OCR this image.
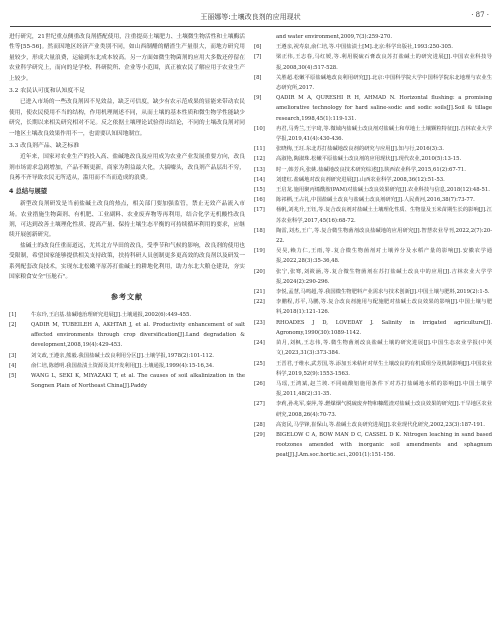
王丽娜等:土壤改良剂的应用现状	· 87 ·

进行研究，21世纪重点侧重改良剂搭配使用，注重提高土壤肥力、土壤微生物活性和土壤酶活性等[55-56]。然而因地区经济产业类别不同，如山西制醋的醋渣生产量很大，而地方研究用量较少，形成大量浪费，运输到东北成本较高。另一方面如微生物菌剂的应用大多数还停留在农业科学研究上，而向的是学校、科研院所、企业等小范围，真正被农民了解应用于农业生产上较少。

3.2 农民认可度和认知度不足

已进入市场的一些改良剂因不见效益，缺乏可信度，缺少有农示范成果的显能来带动农民使用，使农民使用不当的结构，作用机理阐述不同，从而土壤的基本性质和微生物学性能缺少研究，长期以来相关研究相对不足。反之依据土壤理论试验得出结论，不同的土壤改良剂对同一地区土壤改良效果作用不一，也需要认知因地制宜。

3.3 改良剂产品、缺乏标准

近年来，国家对农业生产的投入高、盐碱地改良及应用成为农业产业发展重要方向，改良剂市场需求急剧增加，产品不断更新，商家为利益最大化，大搞噱头，改良剂产品层出不穷，良莠不齐导致农民无所适从，滥用而不当而造成的浪费。

4 总结与展望

新型改良剂研发是当前盐碱土改良的热点，相关部门要加强监管，禁止无效产品流入市场。农业措施生物菌剂、有机肥、工业副料、农业废弃物等再利用，结合化学无机酸性改良剂，可达到改善土壤理化性质、提高产量、保持土壤生态平衡的可持续循环利用的要求，应继续开展创新研究。

盐碱土的改良任重而道远，尤其北方旱田的改良，受季节和气候的影响，改良剂的使用也受限制，希望国家能够提供相关支持政策，扶持科研人员创制更多更高效的改良剂以及研发一系列配套改良技术，实现东北松嫩平原苏打盐碱土的耕地化利用，助力东北大粮仓建设，夯实国家粮食安全"压舱石"。

参考文献
[1]	牛东玲,王启基.盐碱地治理研究进展[J].土壤通报,2002(6):449-455.
[2]	QADIR M, TUBEILEH A, AKHTAR J, et al. Productivity enhancement of salt affected environments through crop diversification[J].Land degradation & development,2008,19(4):429-453.
[3]	刘文政,王遵亲,熊毅.我国盐碱土改良利用分区[J].土壤学报,1978(2):101-112.
[4]	俞仁培,陈德明.我国盐渍土资源及其开发利用[J].土壤通报,1999(4):15-16,34.
[5]	WANG L, SEKI K, MIYAZAKI T, et al. The causes of soil alkalinization in the Songnen Plain of Northeast China[J].Paddy
and water environment,2009,7(3):259-270.
[6]	王遵亲,祝寿泉,俞仁培,等.中国盐渍土[M].北京:科学出版社,1993:250-305.
[7]	梁正伟,王志春,马红媛,等.利用脱硫石膏改良苏打盐碱土的研究进展[J].中国农业科技导报,2008,30(4):517-528.
[8]	关胜超.松嫩平原盐碱地改良利用研究[J].北京:中国科学院大学中国科学院东北地理与农业生态研究所,2017.
[9]	QADIR M A, QURESHI R H, AHMAD N. Horizontal flushing: a promising ameliorative technology for hard saline-sodic and sodic soils[J].Soil & tillage research,1998,45(1):119-131.
[10]	冉君,马秀兰,王宇琦,等.微域内盐碱土改良剂对盐碱土和草地土土壤颗粒特征[J].吉林农业大学学报,2019,41(4):430-436.
[11]	张晓梅,王玨.东北苏打盐碱地改良剂的研究与应用[J].知与行,2016(3):3.
[12]	高淑艳,陶淑珠.松嫩平原盐碱土改良剂的应用现状[J].现代农业,2010(5):13-15.
[13]	时一,韩芳兵,张姚.盐碱地改良技术研究综述[J].陕西农业科学,2015,61(2):67-71.
[14]	刘建红.盐碱地对改良剂研究进展[J].山西农业科学,2008,36(12):51-53.
[15]	王启龙.施用聚丙烯酰胺(PAM)对盐碱土改良效果研究[J].农业科技与信息,2018(12):48-51.
[16]	陈祁栖,王占礼,中国盐碱土改良与盐碱土改良剂研究[J].人民黄河,2016,38(7):73-77.
[17]	杨帆,刘兆升,王钰,等.复合改良剂对盐碱土土壤理化性质、生物量及玉米苗期生长的影响[J].江苏农业科学,2017,45(16):68-72.
[18]	陶雷,刘杰,王广,等.复合微生物菌剂改良盐碱地的应用研究[J].智慧农业导刊,2022,2(7):20-22.
[19]	吴昊,赖力仁,王雨,等.复合微生物菌剂对土壤养分及水稻产量的影响[J].安徽农学通报,2022,28(3):35-36,48.
[20]	张宁,张骞,刘筱涵,等.复合微生物菌剂在苏打盐碱土改良中的应用[J].吉林农业大学学报,2024(2):290-296.
[21]	李悦,孟慧,马鸣超,等.我国微生物肥料产业需求与技术创新[J].中国土壤与肥料,2019(2):1-5.
[22]	李鹏程,苏平,马鹏,等.复合改良剂施用与配施肥对盐碱土改良效果的影响[J].中国土壤与肥料,2018(1):121-126.
[23]	RHOADES J D, LOVEDAY J. Salinity in irrigated agriculture[J]. Agronomy,1990(30):1089-1142.
[24]	苗月,刘枫,王志伟,等.微生物菌剂改良盐碱土壤的研究进展[J].中国生态农业学报(中英文),2023,31(3):373-384.
[25]	王晋君,于维水,武芳国,等.添加玉米秸秆对草生土壤改良的有机质组分及机制影响[J].中国农业科学,2019,52(9):1553-1563.
[26]	马瑶,王鸿斌,赵兰坡.不同硫酸铝施用条件下对苏打盐碱地水稻的影响[J].中国土壤学报,2011,48(2):31-35.
[27]	李莉,孙兆军,秦萍,等.燃煤烟气脱硫废弃物和糠醛渣对盐碱土改良效果的研究[J].干旱地区农业研究,2008,26(4):70-73.
[28]	高宽民,马学锋,崔保山,等.盐碱土改良研究进展[J].农业现代化研究,2002,23(3):187-191.
[29]	BIGELOW C A, BOW MAN D C, CASSEL D K. Nitrogen leaching in sand based rootzones amended with inorganic soil amendments and sphagnum peat[J].J.Am.soc.hortic.sci.,2001(1):151-156.
